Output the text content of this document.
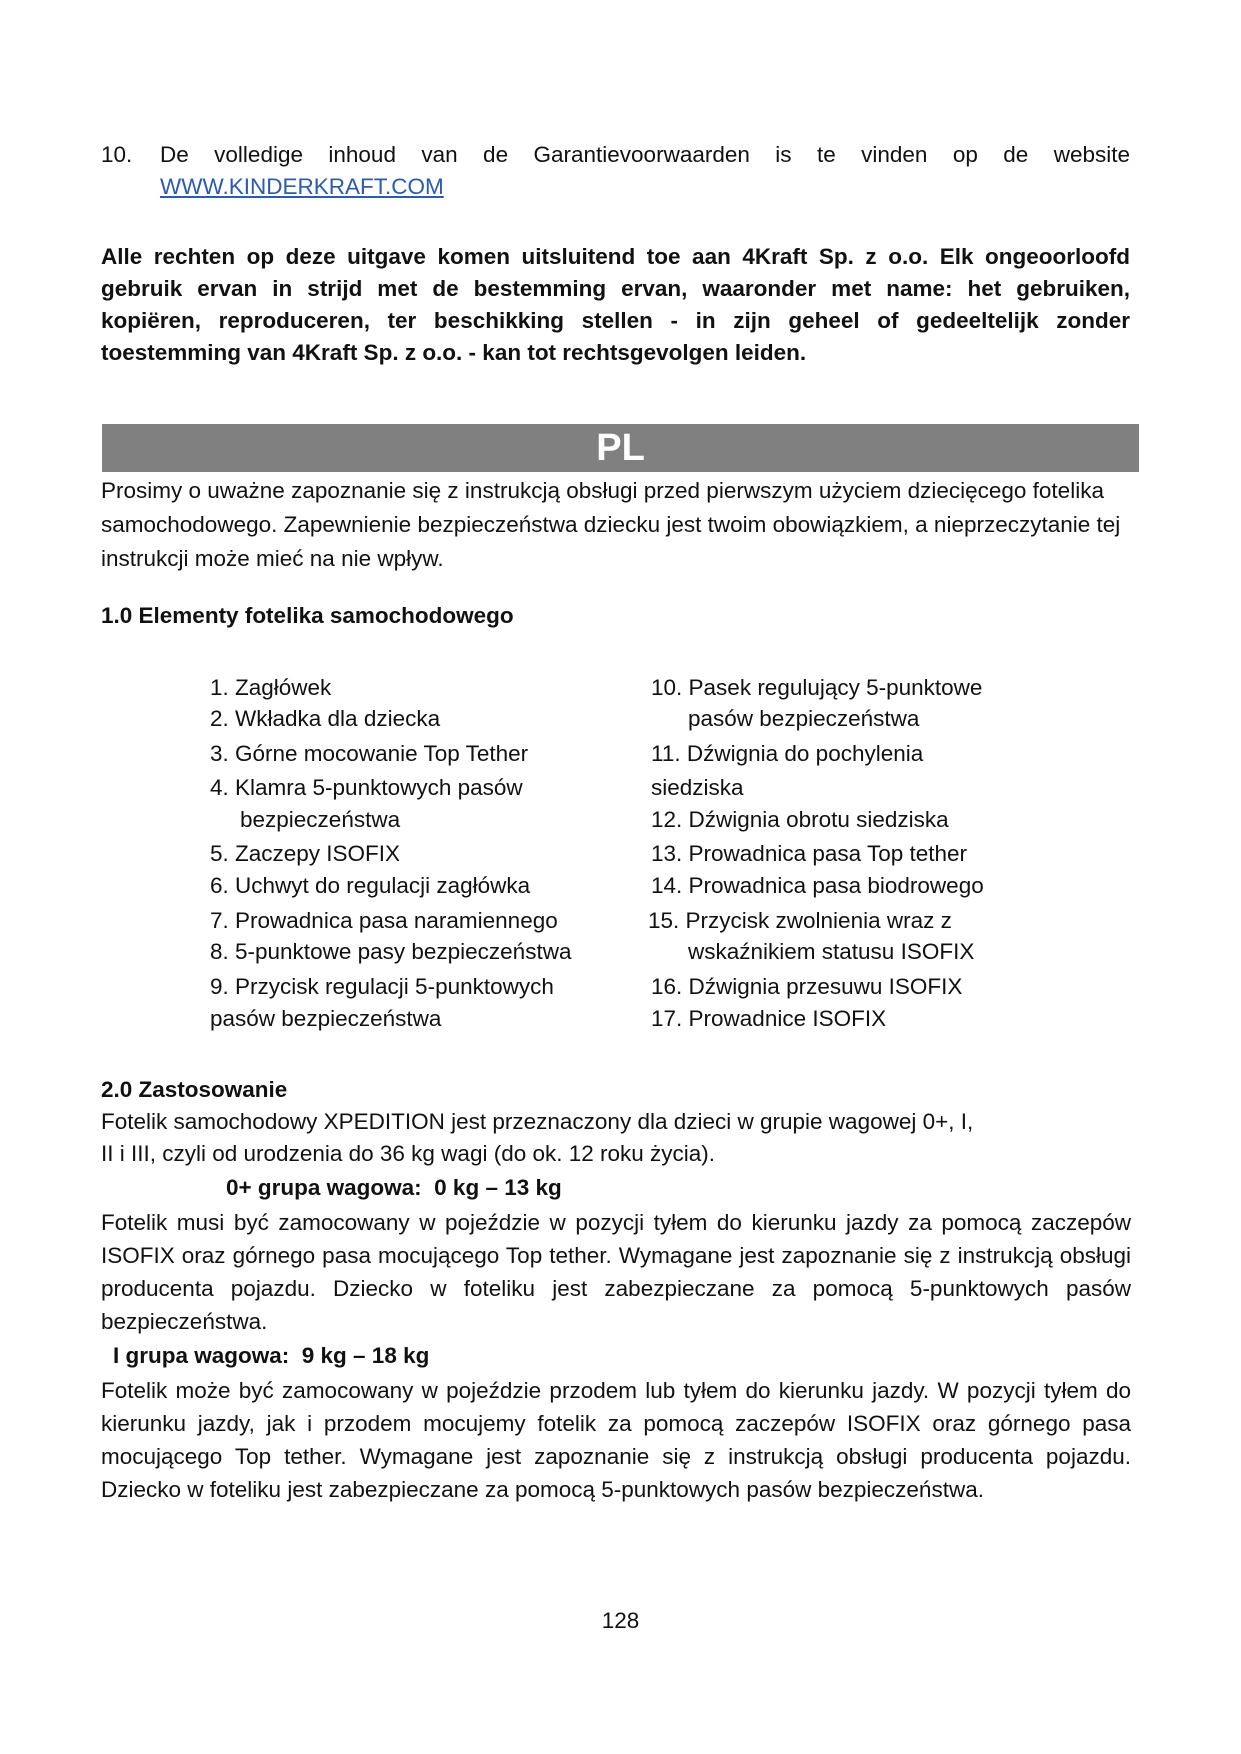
10. De volledige inhoud van de Garantievoorwaarden is te vinden op de website
WWW.KINDERKRAFT.COM
Alle rechten op deze uitgave komen uitsluitend toe aan 4Kraft Sp. z o.o. Elk ongeoorloofd gebruik ervan in strijd met de bestemming ervan, waaronder met name: het gebruiken, kopiëren, reproduceren, ter beschikking stellen - in zijn geheel of gedeeltelijk zonder toestemming van 4Kraft Sp. z o.o. - kan tot rechtsgevolgen leiden.
PL
Prosimy o uważne zapoznanie się z instrukcją obsługi przed pierwszym użyciem dziecięcego fotelika samochodowego. Zapewnienie bezpieczeństwa dziecku jest twoim obowiązkiem, a nieprzeczytanie tej instrukcji może mieć na nie wpływ.
1.0 Elementy fotelika samochodowego
1. Zagłówek
2. Wkładka dla dziecka
3. Górne mocowanie Top Tether
4. Klamra 5-punktowych pasów
bezpieczeństwa
5. Zaczepy ISOFIX
6. Uchwyt do regulacji zagłówka
7. Prowadnica pasa naramiennego
8. 5-punktowe pasy bezpieczeństwa
9. Przycisk regulacji 5-punktowych
pasów bezpieczeństwa
10. Pasek regulujący 5-punktowe
pasów bezpieczeństwa
11. Dźwignia do pochylenia
siedziska
12. Dźwignia obrotu siedziska
13. Prowadnica pasa Top tether
14. Prowadnica pasa biodrowego
15. Przycisk zwolnienia wraz z
wskaźnikiem statusu ISOFIX
16. Dźwignia przesuwu ISOFIX
17. Prowadnice ISOFIX
2.0 Zastosowanie
Fotelik samochodowy XPEDITION jest przeznaczony dla dzieci w grupie wagowej 0+, I,
II i III, czyli od urodzenia do 36 kg wagi (do ok. 12 roku życia).
0+ grupa wagowa:  0 kg – 13 kg
Fotelik musi być zamocowany w pojeździe w pozycji tyłem do kierunku jazdy za pomocą zaczepów ISOFIX oraz górnego pasa mocującego Top tether. Wymagane jest zapoznanie się z instrukcją obsługi producenta pojazdu. Dziecko w foteliku jest zabezpieczane za pomocą 5-punktowych pasów bezpieczeństwa.
I grupa wagowa:  9 kg – 18 kg
Fotelik może być zamocowany w pojeździe przodem lub tyłem do kierunku jazdy. W pozycji tyłem do kierunku jazdy, jak i przodem mocujemy fotelik za pomocą zaczepów ISOFIX oraz górnego pasa mocującego Top tether. Wymagane jest zapoznanie się z instrukcją obsługi producenta pojazdu. Dziecko w foteliku jest zabezpieczane za pomocą 5-punktowych pasów bezpieczeństwa.
128
